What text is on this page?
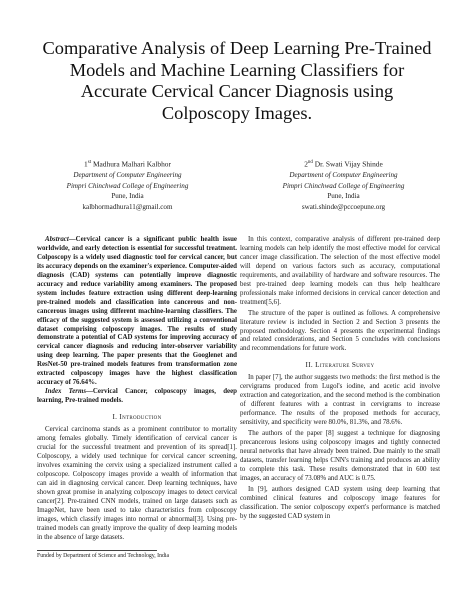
Comparative Analysis of Deep Learning Pre-Trained Models and Machine Learning Classifiers for Accurate Cervical Cancer Diagnosis using Colposcopy Images.
1st Madhura Malhari Kalbhor
Department of Computer Engineering
Pimpri Chinchwad College of Engineering
Pune, India
kalbhormadhura11@gmail.com
2nd Dr. Swati Vijay Shinde
Department of Computer Engineering
Pimpri Chinchwad College of Engineering
Pune, India
swati.shinde@pccoepune.org

Abstract—Cervical cancer is a significant public health issue worldwide, and early detection is essential for successful treatment. Colposcopy is a widely used diagnostic tool for cervical cancer, but its accuracy depends on the examiner's experience. Computer-aided diagnosis (CAD) systems can potentially improve diagnostic accuracy and reduce variability among examiners. The proposed system includes feature extraction using different deep-learning pre-trained models and classification into cancerous and non-cancerous images using different machine-learning classifiers. The efficacy of the suggested system is assessed utilizing a conventional dataset comprising colposcopy images. The results of study demonstrate a potential of CAD systems for improving accuracy of cervical cancer diagnosis and reducing inter-observer variability using deep learning. The paper presents that the Googlenet and ResNet-50 pre-trained models features from transformation zone extracted colposcopy images have the highest classification accuracy of 76.64%.

Index Terms—Cervical Cancer, colposcopy images, deep learning, Pre-trained models.

I. Introduction

Cervical carcinoma stands as a prominent contributor to mortality among females globally. Timely identification of cervical cancer is crucial for the successful treatment and prevention of its spread[1]. Colposcopy, a widely used technique for cervical cancer screening, involves examining the cervix using a specialized instrument called a colposcope. Colposcopy images provide a wealth of information that can aid in diagnosing cervical cancer. Deep learning techniques, have shown great promise in analyzing colposcopy images to detect cervical cancer[2]. Pre-trained CNN models, trained on large datasets such as ImageNet, have been used to take characteristics from colposcopy images, which classify images into normal or abnormal[3]. Using pre-trained models can greatly improve the quality of deep learning models in the absence of large datasets.

Funded by Department of Science and Technology, India

In this context, comparative analysis of different pre-trained deep learning models can help identify the most effective model for cervical cancer image classification. The selection of the most effective model will depend on various factors such as accuracy, computational requirements, and availability of hardware and software resources. The best pre-trained deep learning models can thus help healthcare professionals make informed decisions in cervical cancer detection and treatment[5,6].

The structure of the paper is outlined as follows. A comprehensive literature review is included in Section 2 and Section 3 presents the proposed methodology. Section 4 presents the experimental findings and related considerations, and Section 5 concludes with conclusions and recommendations for future work.

II. Literature Survey

In paper [7], the author suggests two methods: the first method is the cervigrams produced from Lugol's iodine, and acetic acid involve extraction and categorization, and the second method is the combination of different features with a contrast in cervigrams to increase performance. The results of the proposed methods for accuracy, sensitivity, and specificity were 80.0%, 81.3%, and 78.6%.

The authors of the paper [8] suggest a technique for diagnosing precancerous lesions using colposcopy images and tightly connected neural networks that have already been trained. Due mainly to the small datasets, transfer learning helps CNN's training and produces an ability to complete this task. These results demonstrated that in 600 test images, an accuracy of 73.08% and AUC is 0.75.

In [9], authors designed CAD system using deep learning that combined clinical features and colposcopy image features for classification. The senior colposcopy expert's performance is matched by the suggested CAD system in
